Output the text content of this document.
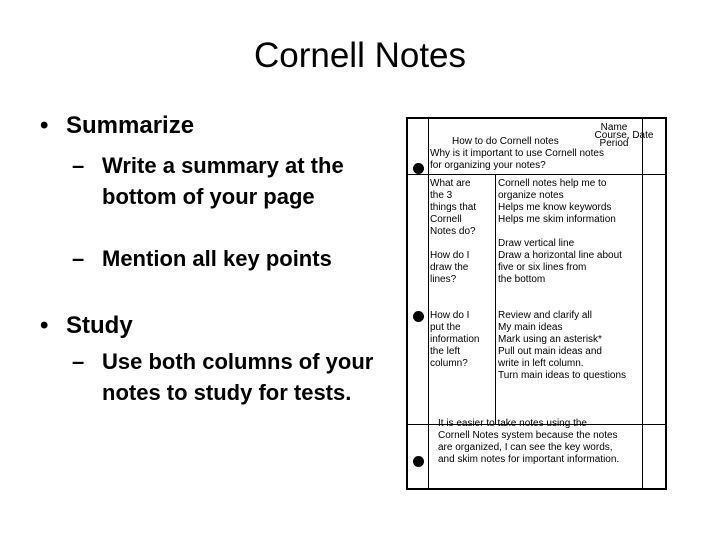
Cornell Notes
• Summarize
– Write a summary at the bottom of your page
– Mention all key points
• Study
– Use both columns of your notes to study for tests.
Name
Course, Date
Period
How to do Cornell notes
Why is it important to use Cornell notes
for organizing your notes?
What are
the 3
things that
Cornell
Notes do?
Cornell notes help me to
organize notes
Helps me know keywords
Helps me skim information
How do I
draw the
lines?
Draw vertical line
Draw a horizontal line about
five or six lines from
the bottom
How do I
put the
information
the left
column?
Review and clarify all
My main ideas
Mark using an asterisk*
Pull out main ideas and
write in left column.
Turn main ideas to questions
It is easier to take notes using the
Cornell Notes system because the notes
are organized, I can see the key words,
and skim notes for important information.
